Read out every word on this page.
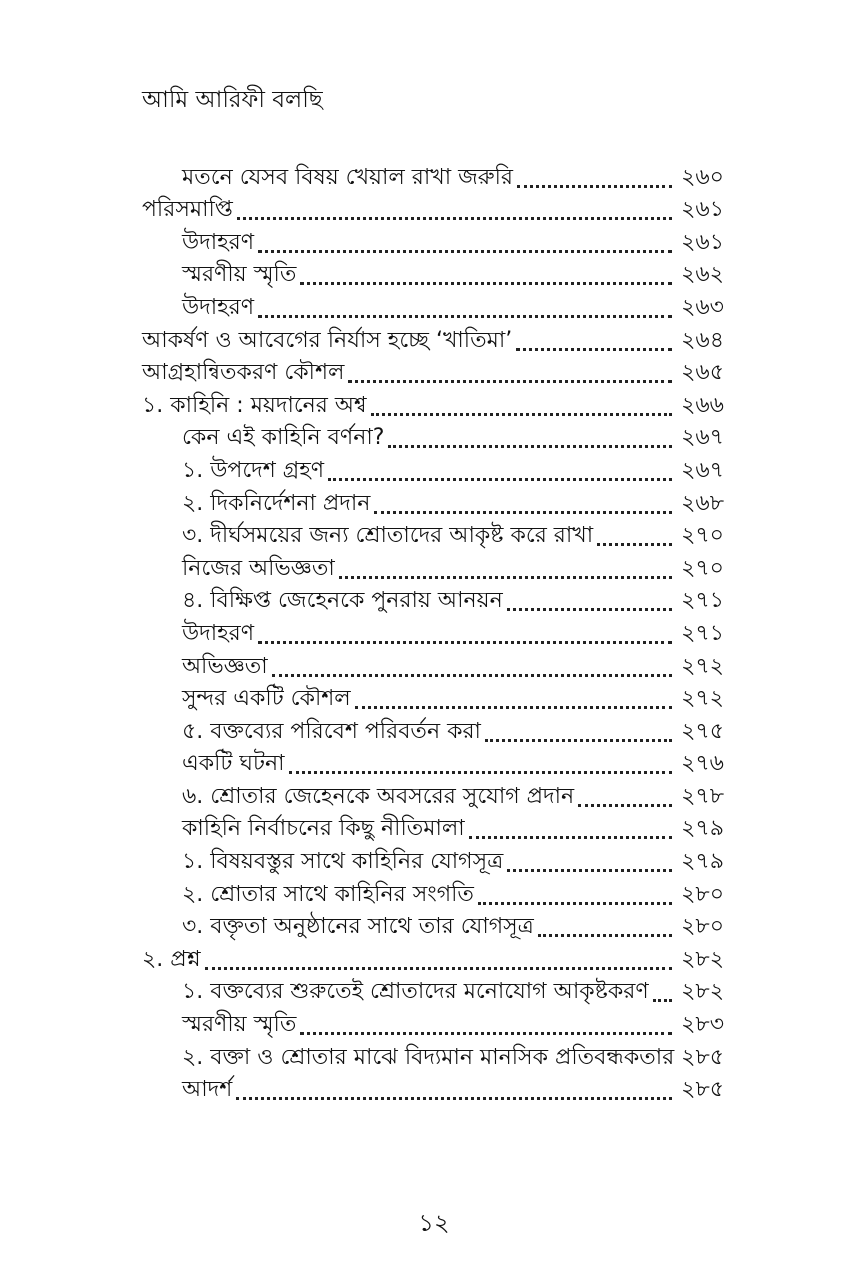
আমি আরিফী বলছি
মতনে যেসব বিষয় খেয়াল রাখা জরুরি	২৬০
পরিসমাপ্তি	২৬১
উদাহরণ	২৬১
স্মরণীয় স্মৃতি	২৬২
উদাহরণ	২৬৩
আকর্ষণ ও আবেগের নির্যাস হচ্ছে ‘খাতিমা’	২৬৪
আগ্রহান্বিতকরণ কৌশল	২৬৫
১. কাহিনি : ময়দানের অশ্ব	২৬৬
কেন এই কাহিনি বর্ণনা?	২৬৭
১. উপদেশ গ্রহণ	২৬৭
২. দিকনির্দেশনা প্রদান	২৬৮
৩. দীর্ঘসময়ের জন্য শ্রোতাদের আকৃষ্ট করে রাখা	২৭০
নিজের অভিজ্ঞতা	২৭০
৪. বিক্ষিপ্ত জেহেনকে পুনরায় আনয়ন	২৭১
উদাহরণ	২৭১
অভিজ্ঞতা	২৭২
সুন্দর একটি কৌশল	২৭২
৫. বক্তব্যের পরিবেশ পরিবর্তন করা	২৭৫
একটি ঘটনা	২৭৬
৬. শ্রোতার জেহেনকে অবসরের সুযোগ প্রদান	২৭৮
কাহিনি নির্বাচনের কিছু নীতিমালা	২৭৯
১. বিষয়বস্তুর সাথে কাহিনির যোগসূত্র	২৭৯
২. শ্রোতার সাথে কাহিনির সংগতি	২৮০
৩. বক্তৃতা অনুষ্ঠানের সাথে তার যোগসূত্র	২৮০
২. প্রশ্ন	২৮২
১. বক্তব্যের শুরুতেই শ্রোতাদের মনোযোগ আকৃষ্টকরণ ২৮২
স্মরণীয় স্মৃতি	২৮৩
২. বক্তা ও শ্রোতার মাঝে বিদ্যমান মানসিক প্রতিবন্ধকতার ২৮৫
আদর্শ	২৮৫
১২
